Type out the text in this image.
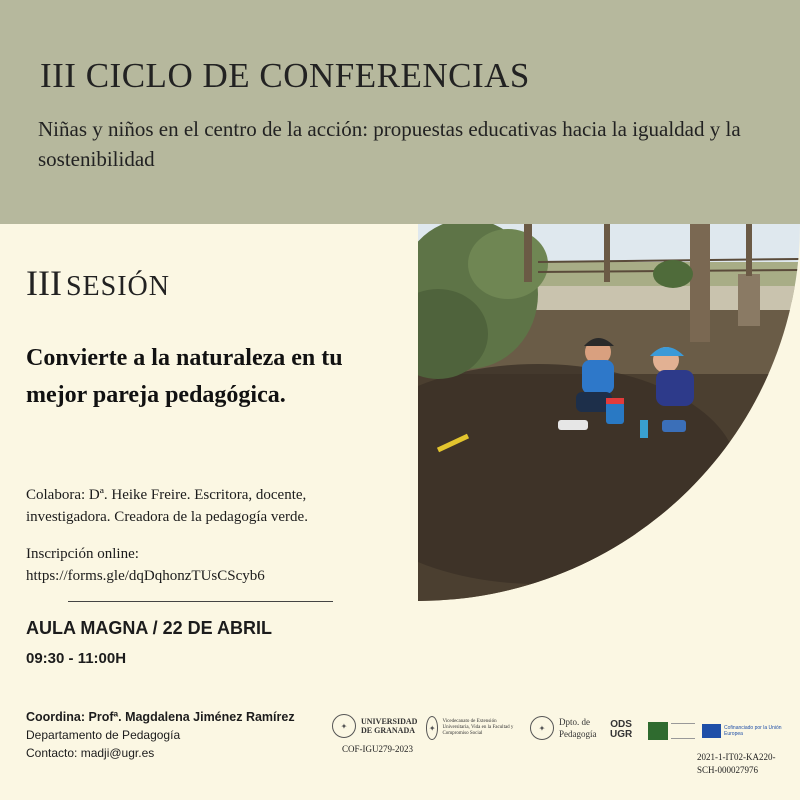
III CICLO DE CONFERENCIAS
Niñas y niños en el centro de la acción: propuestas educativas hacia la igualdad y la sostenibilidad
III SESIÓN
Convierte a la naturaleza en tu mejor pareja pedagógica.
Colabora: Dª. Heike Freire. Escritora, docente, investigadora. Creadora de la pedagogía verde.
Inscripción online:
https://forms.gle/dqDqhonzTUsCScyb6
AULA MAGNA / 22 DE ABRIL
09:30 - 11:00H
Coordina: Profª. Magdalena Jiménez Ramírez
Departamento de Pedagogía
Contacto: madji@ugr.es
✦	UNIVERSIDAD
DE GRANADA
COF-IGU279-2023
✦
Vicedecanato de Extensión Universitaria, Vida en la Facultad y Compromiso Social
✦
Dpto. de
Pedagogía
ODS
UGR
Cofinanciado por la Unión Europea
2021-1-IT02-KA220-
SCH-000027976
